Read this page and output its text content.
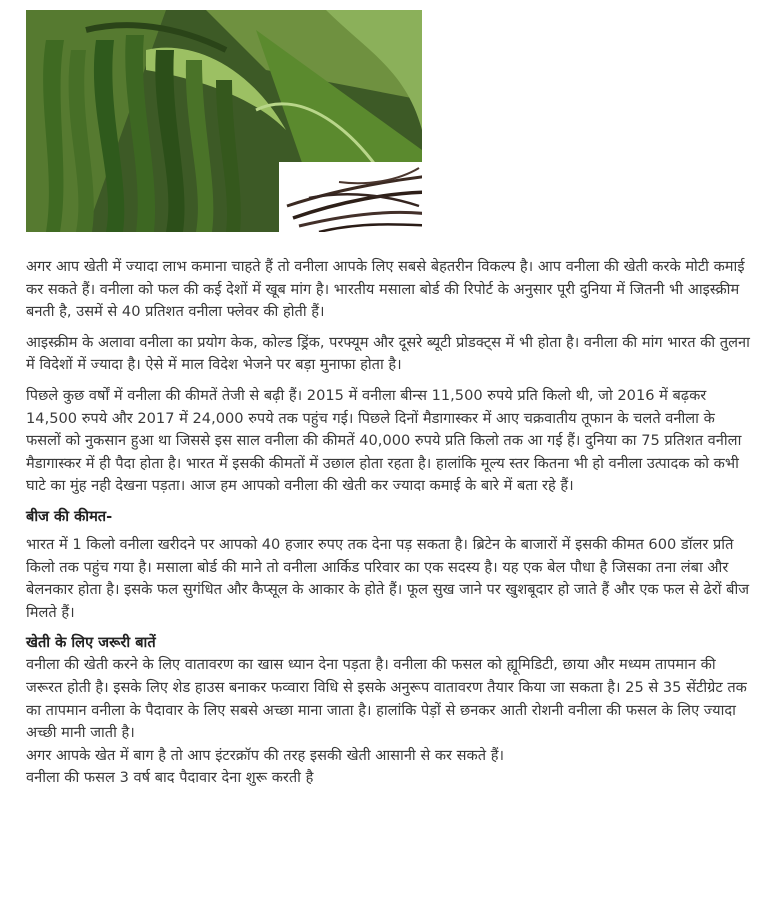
अगर आप खेती में ज्यादा लाभ कमाना चाहते हैं तो वनीला आपके लिए सबसे बेहतरीन विकल्प है। आप वनीला की खेती करके मोटी कमाई कर सकते हैं। वनीला को फल की कई देशों में खूब मांग है। भारतीय मसाला बोर्ड की रिपोर्ट के अनुसार पूरी दुनिया में जितनी भी आइस्क्रीम बनती है, उसमें से 40 प्रतिशत वनीला फ्लेवर की होती हैं।

आइस्क्रीम के अलावा वनीला का प्रयोग केक, कोल्ड ड्रिंक, परफ्यूम और दूसरे ब्यूटी प्रोडक्ट्स में भी होता है। वनीला की मांग भारत की तुलना में विदेशों में ज्यादा है। ऐसे में माल विदेश भेजने पर बड़ा मुनाफा होता है।

पिछले कुछ वर्षों में वनीला की कीमतें तेजी से बढ़ी हैं। 2015 में वनीला बीन्स 11,500 रुपये प्रति किलो थी, जो 2016 में बढ़कर 14,500 रुपये और 2017 में 24,000 रुपये तक पहुंच गई। पिछले दिनों मैडागास्कर में आए चक्रवातीय तूफान के चलते वनीला के फसलों को नुकसान हुआ था जिससे इस साल वनीला की कीमतें 40,000 रुपये प्रति किलो तक आ गई हैं। दुनिया का 75 प्रतिशत वनीला मैडागास्कर में ही पैदा होता है। भारत में इसकी कीमतों में उछाल होता रहता है। हालांकि मूल्य स्तर कितना भी हो वनीला उत्पादक को कभी घाटे का मुंह नही देखना पड़ता। आज हम आपको वनीला की खेती कर ज्यादा कमाई के बारे में बता रहे हैं।

बीज की कीमत-

भारत में 1 किलो वनीला खरीदने पर आपको 40 हजार रुपए तक देना पड़ सकता है। ब्रिटेन के बाजारों में इसकी कीमत 600 डॉलर प्रति किलो तक पहुंच गया है। मसाला बोर्ड की माने तो वनीला आर्किड परिवार का एक सदस्य है। यह एक बेल पौधा है जिसका तना लंबा और बेलनकार होता है। इसके फल सुगंधित और कैप्सूल के आकार के होते हैं। फूल सुख जाने पर खुशबूदार हो जाते हैं और एक फल से ढेरों बीज मिलते हैं।

खेती के लिए जरूरी बातें

वनीला की खेती करने के लिए वातावरण का खास ध्यान देना पड़ता है। वनीला की फसल को ह्यूमिडिटी, छाया और मध्यम तापमान की जरूरत होती है। इसके लिए शेड हाउस बनाकर फव्वारा विधि से इसके अनुरूप वातावरण तैयार किया जा सकता है। 25 से 35 सेंटीग्रेट तक का तापमान वनीला के पैदावार के लिए सबसे अच्छा माना जाता है। हालांकि पेड़ों से छनकर आती रोशनी वनीला की फसल के लिए ज्यादा अच्छी मानी जाती है।

अगर आपके खेत में बाग है तो आप इंटरक्रॉप की तरह इसकी खेती आसानी से कर सकते हैं।

वनीला की फसल 3 वर्ष बाद पैदावार देना शुरू करती है
